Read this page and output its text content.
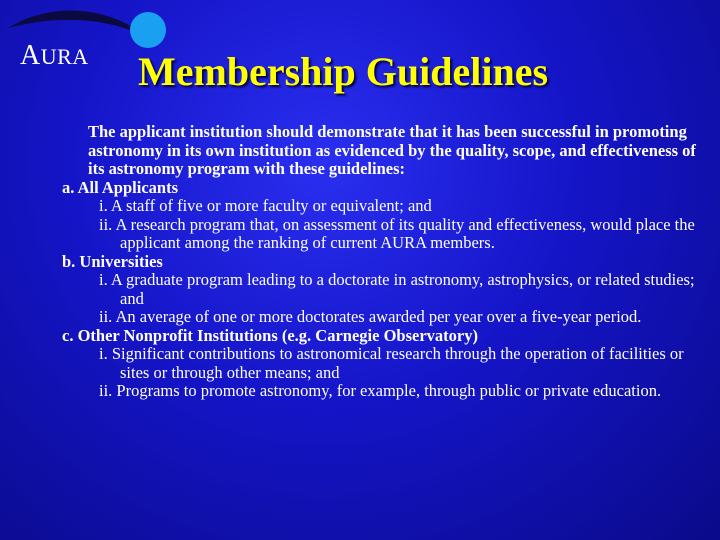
AURA Membership Guidelines
The applicant institution should demonstrate that it has been successful in promoting astronomy in its own institution as evidenced by the quality, scope, and effectiveness of its astronomy program with these guidelines:
a. All Applicants
i. A staff of five or more faculty or equivalent; and
ii. A research program that, on assessment of its quality and effectiveness, would place the applicant among the ranking of current AURA members.
b. Universities
i. A graduate program leading to a doctorate in astronomy, astrophysics, or related studies; and
ii. An average of one or more doctorates awarded per year over a five-year period.
c. Other Nonprofit Institutions (e.g. Carnegie Observatory)
i. Significant contributions to astronomical research through the operation of facilities or sites or through other means; and
ii. Programs to promote astronomy, for example, through public or private education.
